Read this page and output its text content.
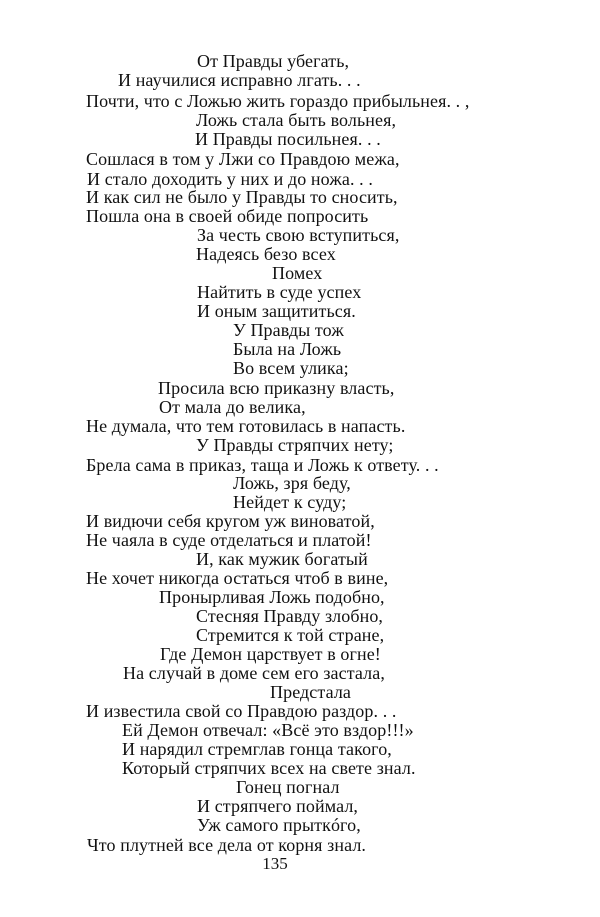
От Правды убегать,
И научилися исправно лгать. . .
Почти, что с Ложью жить гораздо прибыльнея. . ,
Ложь стала быть вольнея,
И Правды посильнея. . .
Сошлася в том у Лжи со Правдою межа,
И стало доходить у них и до ножа. . .
И как сил не было у Правды то сносить,
Пошла она в своей обиде попросить
За честь свою вступиться,
Надеясь безо всех
Помех
Найтить в суде успех
И оным защититься.
У Правды тож
Была на Ложь
Во всем улика;
Просила всю приказну власть,
От мала до велика,
Не думала, что тем готовилась в напасть.
У Правды стряпчих нету;
Брела сама в приказ, таща и Ложь к ответу. . .
Ложь, зря беду,
Нейдет к суду;
И видючи себя кругом уж виноватой,
Не чаяла в суде отделаться и платой!
И, как мужик богатый
Не хочет никогда остаться чтоб в вине,
Пронырливая Ложь подобно,
Стесняя Правду злобно,
Стремится к той стране,
Где Демон царствует в огне!
На случай в доме сем его застала,
Предстала
И известила свой со Правдою раздор. . .
Ей Демон отвечал: «Всё это вздор!!!»
И нарядил стремглав гонца такого,
Который стряпчих всех на свете знал.
Гонец погнал
И стряпчего поймал,
Уж самого прыткóго,
Что плутней все дела от корня знал.
135
